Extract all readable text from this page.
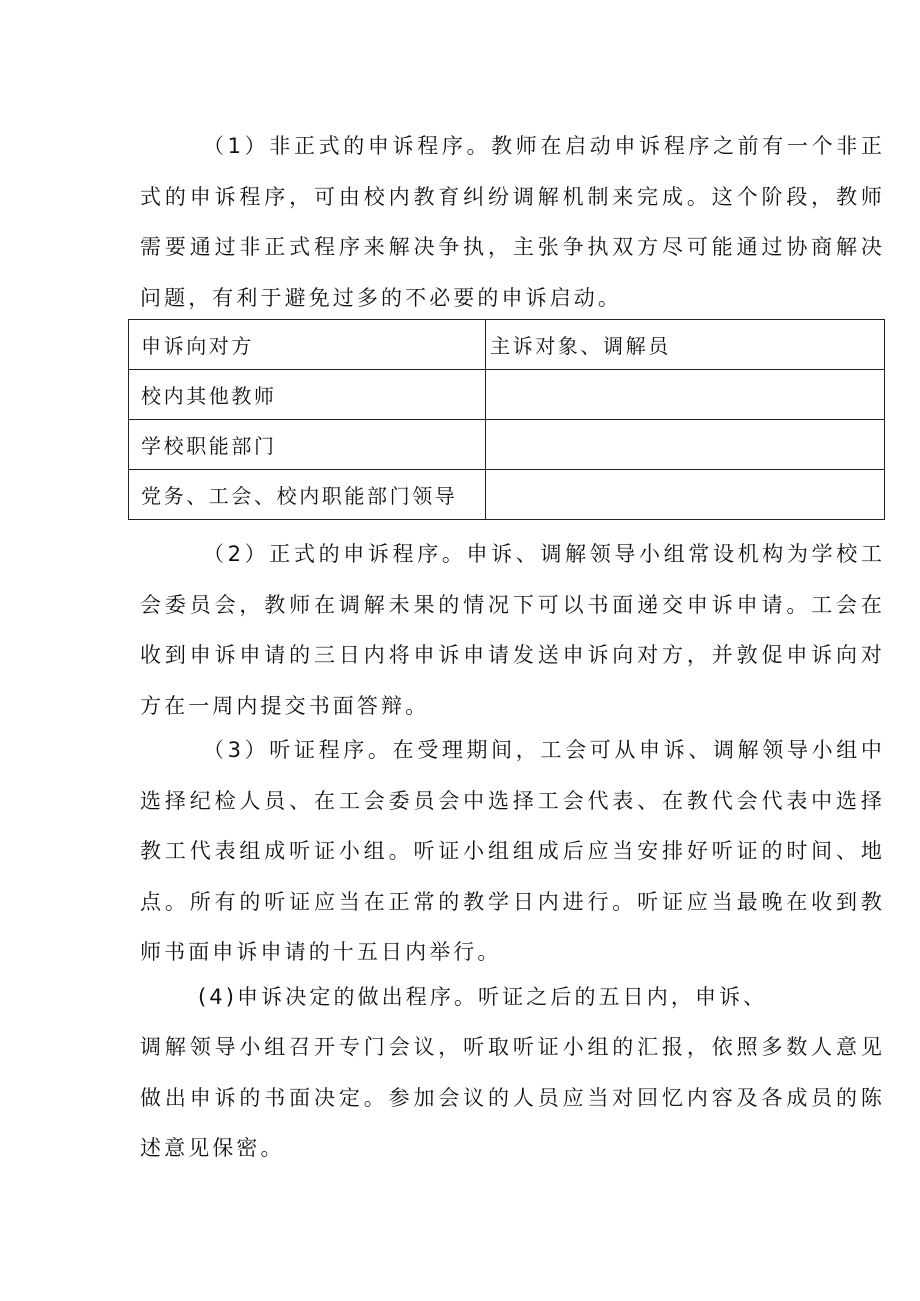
（1）非正式的申诉程序。教师在启动申诉程序之前有一个非正式的申诉程序，可由校内教育纠纷调解机制来完成。这个阶段，教师需要通过非正式程序来解决争执，主张争执双方尽可能通过协商解决问题，有利于避免过多的不必要的申诉启动。

申诉向对方	主诉对象、调解员
校内其他教师	
学校职能部门	
党务、工会、校内职能部门领导	

（2）正式的申诉程序。申诉、调解领导小组常设机构为学校工会委员会，教师在调解未果的情况下可以书面递交申诉申请。工会在收到申诉申请的三日内将申诉申请发送申诉向对方，并敦促申诉向对方在一周内提交书面答辩。

（3）听证程序。在受理期间，工会可从申诉、调解领导小组中选择纪检人员、在工会委员会中选择工会代表、在教代会代表中选择教工代表组成听证小组。听证小组组成后应当安排好听证的时间、地点。所有的听证应当在正常的教学日内进行。听证应当最晚在收到教师书面申诉申请的十五日内举行。

(4)申诉决定的做出程序。听证之后的五日内，申诉、

调解领导小组召开专门会议，听取听证小组的汇报，依照多数人意见做出申诉的书面决定。参加会议的人员应当对回忆内容及各成员的陈述意见保密。
